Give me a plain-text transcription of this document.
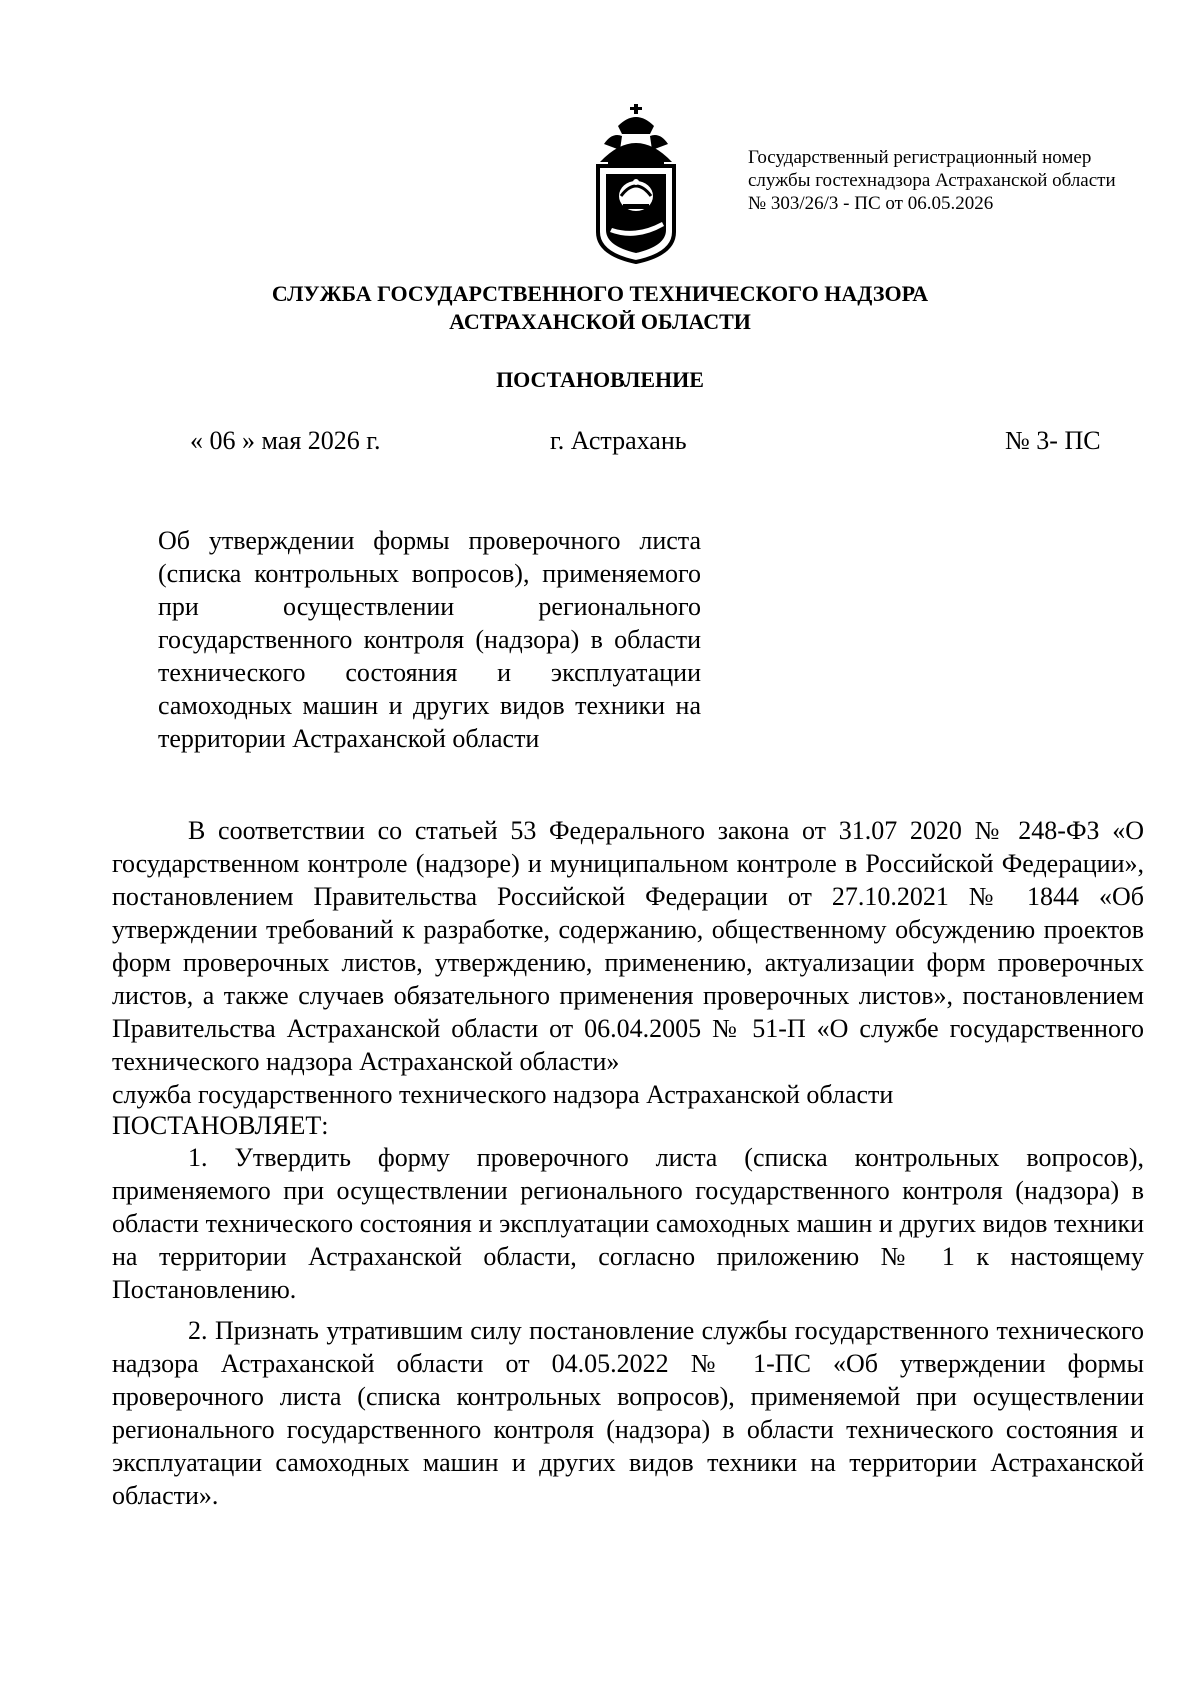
Государственный регистрационный номер
службы гостехнадзора Астраханской области
№ 303/26/3 - ПС от 06.05.2026
СЛУЖБА ГОСУДАРСТВЕННОГО ТЕХНИЧЕСКОГО НАДЗОРА
АСТРАХАНСКОЙ ОБЛАСТИ
ПОСТАНОВЛЕНИЕ
« 06 » мая 2026 г.	г. Астрахань	№ 3- ПС
Об утверждении формы проверочного листа (списка контрольных вопросов), применяемого при осуществлении регионального государственного контроля (надзора) в области технического состояния и эксплуатации самоходных машин и других видов техники на территории Астраханской области

В соответствии со статьей 53 Федерального закона от 31.07 2020 № 248-ФЗ «О государственном контроле (надзоре) и муниципальном контроле в Российской Федерации», постановлением Правительства Российской Федерации от 27.10.2021 № 1844 «Об утверждении требований к разработке, содержанию, общественному обсуждению проектов форм проверочных листов, утверждению, применению, актуализации форм проверочных листов, а также случаев обязательного применения проверочных листов», постановлением Правительства Астраханской области от 06.04.2005 № 51-П «О службе государственного технического надзора Астраханской области»

служба государственного технического надзора Астраханской области

ПОСТАНОВЛЯЕТ:

1. Утвердить форму проверочного листа (списка контрольных вопросов), применяемого при осуществлении регионального государственного контроля (надзора) в области технического состояния и эксплуатации самоходных машин и других видов техники на территории Астраханской области, согласно приложению № 1 к настоящему Постановлению.

2. Признать утратившим силу постановление службы государственного технического надзора Астраханской области от 04.05.2022 № 1-ПС «Об утверждении формы проверочного листа (списка контрольных вопросов), применяемой при осуществлении регионального государственного контроля (надзора) в области технического состояния и эксплуатации самоходных машин и других видов техники на территории Астраханской области».
